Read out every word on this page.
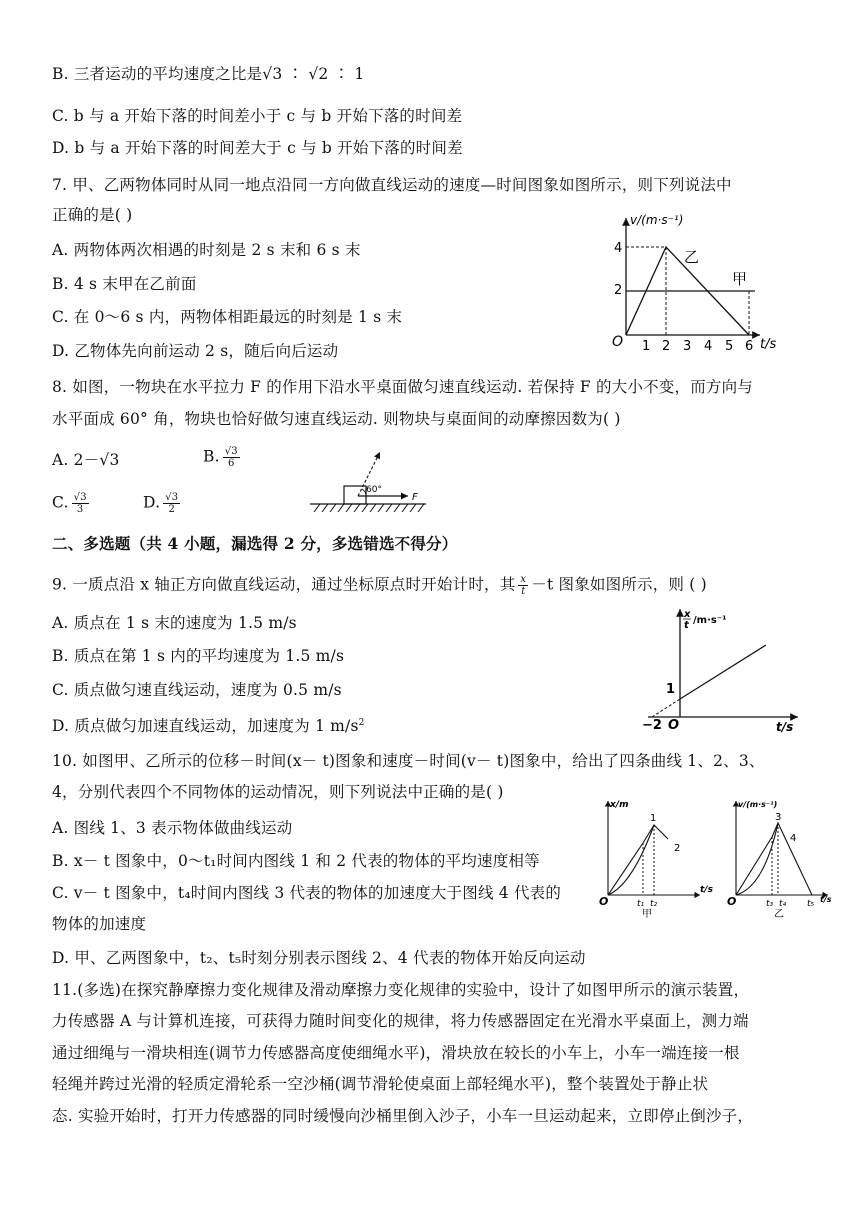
B. 三者运动的平均速度之比是√3 ∶ √2 ∶ 1
C. b 与 a 开始下落的时间差小于 c 与 b 开始下落的时间差
D. b 与 a 开始下落的时间差大于 c 与 b 开始下落的时间差
7. 甲、乙两物体同时从同一地点沿同一方向做直线运动的速度—时间图象如图所示，则下列说法中
正确的是( )
A. 两物体两次相遇的时刻是 2 s 末和 6 s 末
B. 4 s 末甲在乙前面
C. 在 0～6 s 内，两物体相距最远的时刻是 1 s 末
D. 乙物体先向前运动 2 s，随后向后运动
v/(m·s⁻¹)
t/s
O
4
2
1 2 3 4 5 6
乙
甲
8. 如图，一物块在水平拉力 F 的作用下沿水平桌面做匀速直线运动. 若保持 F 的大小不变，而方向与
水平面成 60° 角，物块也恰好做匀速直线运动. 则物块与桌面间的动摩擦因数为( )
A. 2－√3	B. $\frac{√3}{6}$
C. $\frac{√3}{3}$	D. $\frac{√3}{2}$
60°
F
二、多选题（共 4 小题，漏选得 2 分，多选错选不得分）
9. 一质点沿 x 轴正方向做直线运动，通过坐标原点时开始计时，其 $\frac{x}{t} -t$ 图象如图所示，则 ( )
A. 质点在 1 s 末的速度为 1.5 m/s
B. 质点在第 1 s 内的平均速度为 1.5 m/s
C. 质点做匀速直线运动，速度为 0.5 m/s
D. 质点做匀加速直线运动，加速度为 1 $m/s^2$
x
t /m·s⁻¹
t/s
O
1
−2
10. 如图甲、乙所示的位移－时间(x－ t)图象和速度－时间(v－ t)图象中，给出了四条曲线 1、2、3、
4，分别代表四个不同物体的运动情况，则下列说法中正确的是( )
A. 图线 1、3 表示物体做曲线运动
B. x－ t 图象中，0～t₁时间内图线 1 和 2 代表的物体的平均速度相等
C. v－ t 图象中，t₄时间内图线 3 代表的物体的加速度大于图线 4 代表的
物体的加速度
D. 甲、乙两图象中，t₂、t₅时刻分别表示图线 2、4 代表的物体开始反向运动
x/m
t/s
O
1
2
t₁ t₂
甲
v/(m·s⁻¹)
t/s
O
3
4
t₃ t₄ t₅
乙
11.(多选)在探究静摩擦力变化规律及滑动摩擦力变化规律的实验中，设计了如图甲所示的演示装置，
力传感器 A 与计算机连接，可获得力随时间变化的规律，将力传感器固定在光滑水平桌面上，测力端
通过细绳与一滑块相连(调节力传感器高度使细绳水平)，滑块放在较长的小车上，小车一端连接一根
轻绳并跨过光滑的轻质定滑轮系一空沙桶(调节滑轮使桌面上部轻绳水平)，整个装置处于静止状
态. 实验开始时，打开力传感器的同时缓慢向沙桶里倒入沙子，小车一旦运动起来，立即停止倒沙子，
